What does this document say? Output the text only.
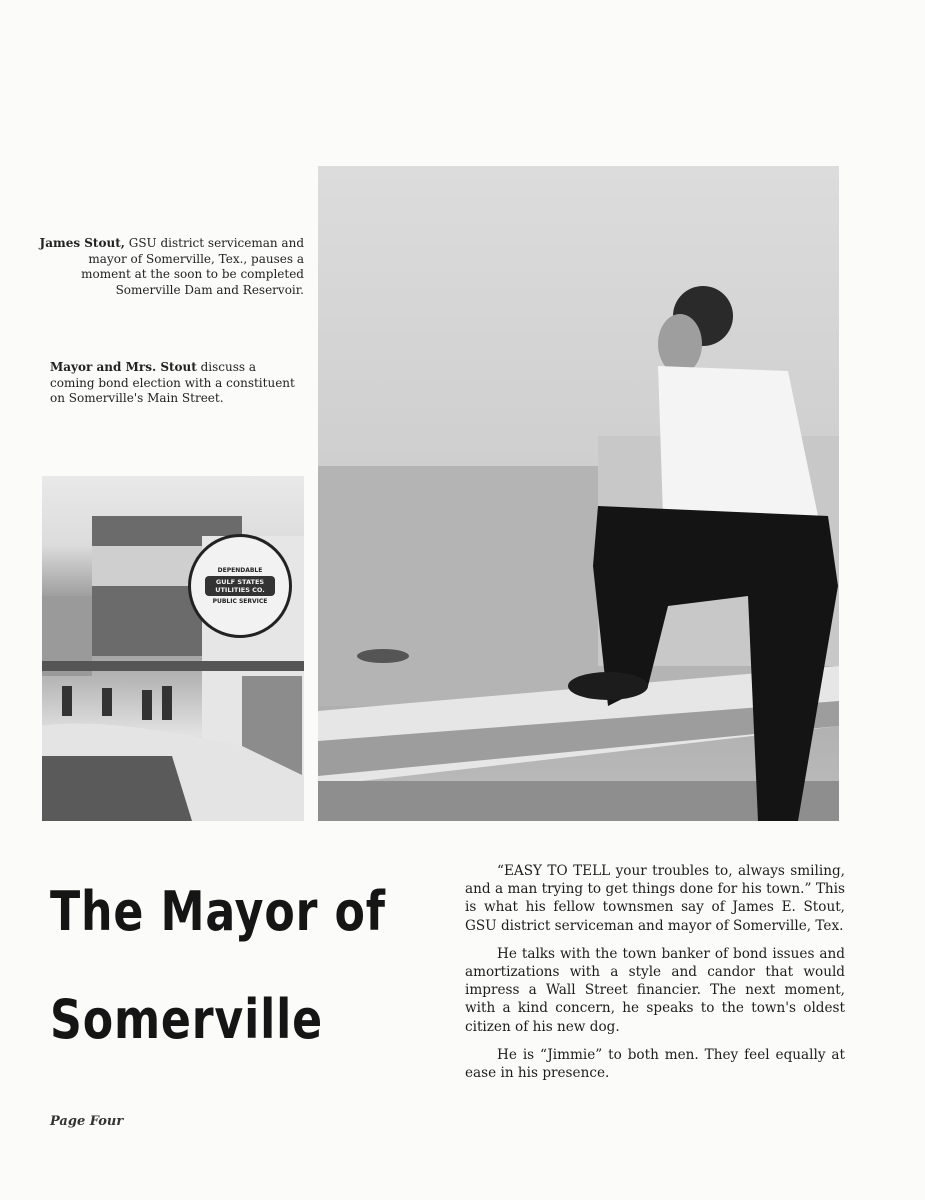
James Stout, GSU district serviceman and mayor of Somerville, Tex., pauses a moment at the soon to be completed Somerville Dam and Reservoir.
Mayor and Mrs. Stout discuss a coming bond election with a constituent on Somerville's Main Street.
DEPENDABLE
GULF STATES UTILITIES CO.
PUBLIC SERVICE
The Mayor of
Somerville

“EASY TO TELL your troubles to, always smiling, and a man trying to get things done for his town.” This is what his fellow townsmen say of James E. Stout, GSU district serviceman and mayor of Somerville, Tex.

He talks with the town banker of bond issues and amortizations with a style and candor that would impress a Wall Street financier. The next moment, with a kind concern, he speaks to the town's oldest citizen of his new dog.

He is “Jimmie” to both men. They feel equally at ease in his presence.

Page Four
